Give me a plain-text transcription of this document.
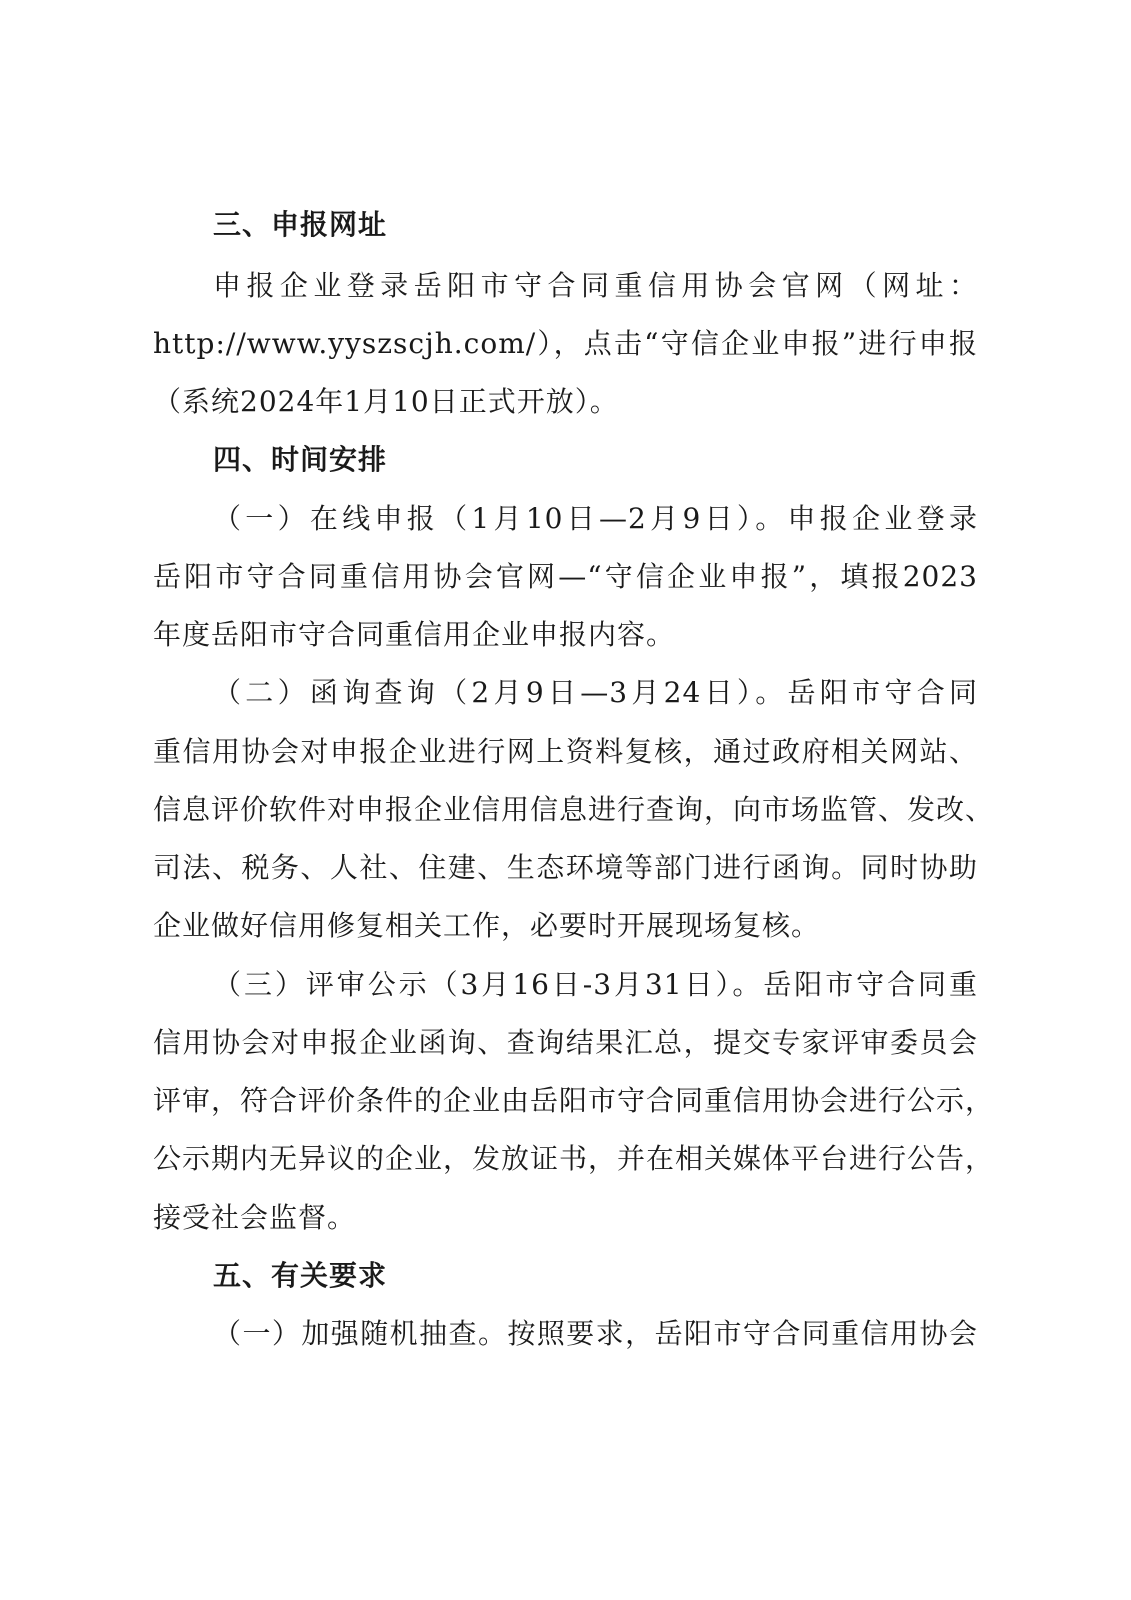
三、申报网址
申报企业登录岳阳市守合同重信用协会官网（网址：
http://www.yyszscjh.com/），点击“守信企业申报”进行申报
（系统2024年1月10日正式开放）。
四、时间安排
（一）在线申报（1月10日—2月9日）。申报企业登录
岳阳市守合同重信用协会官网—“守信企业申报”，填报2023
年度岳阳市守合同重信用企业申报内容。
（二）函询查询（2月9日—3月24日）。岳阳市守合同
重信用协会对申报企业进行网上资料复核，通过政府相关网站、
信息评价软件对申报企业信用信息进行查询，向市场监管、发改、
司法、税务、人社、住建、生态环境等部门进行函询。同时协助
企业做好信用修复相关工作，必要时开展现场复核。
（三）评审公示（3月16日-3月31日）。岳阳市守合同重
信用协会对申报企业函询、查询结果汇总，提交专家评审委员会
评审，符合评价条件的企业由岳阳市守合同重信用协会进行公示，
公示期内无异议的企业，发放证书，并在相关媒体平台进行公告，
接受社会监督。
五、有关要求
（一）加强随机抽查。按照要求，岳阳市守合同重信用协会
